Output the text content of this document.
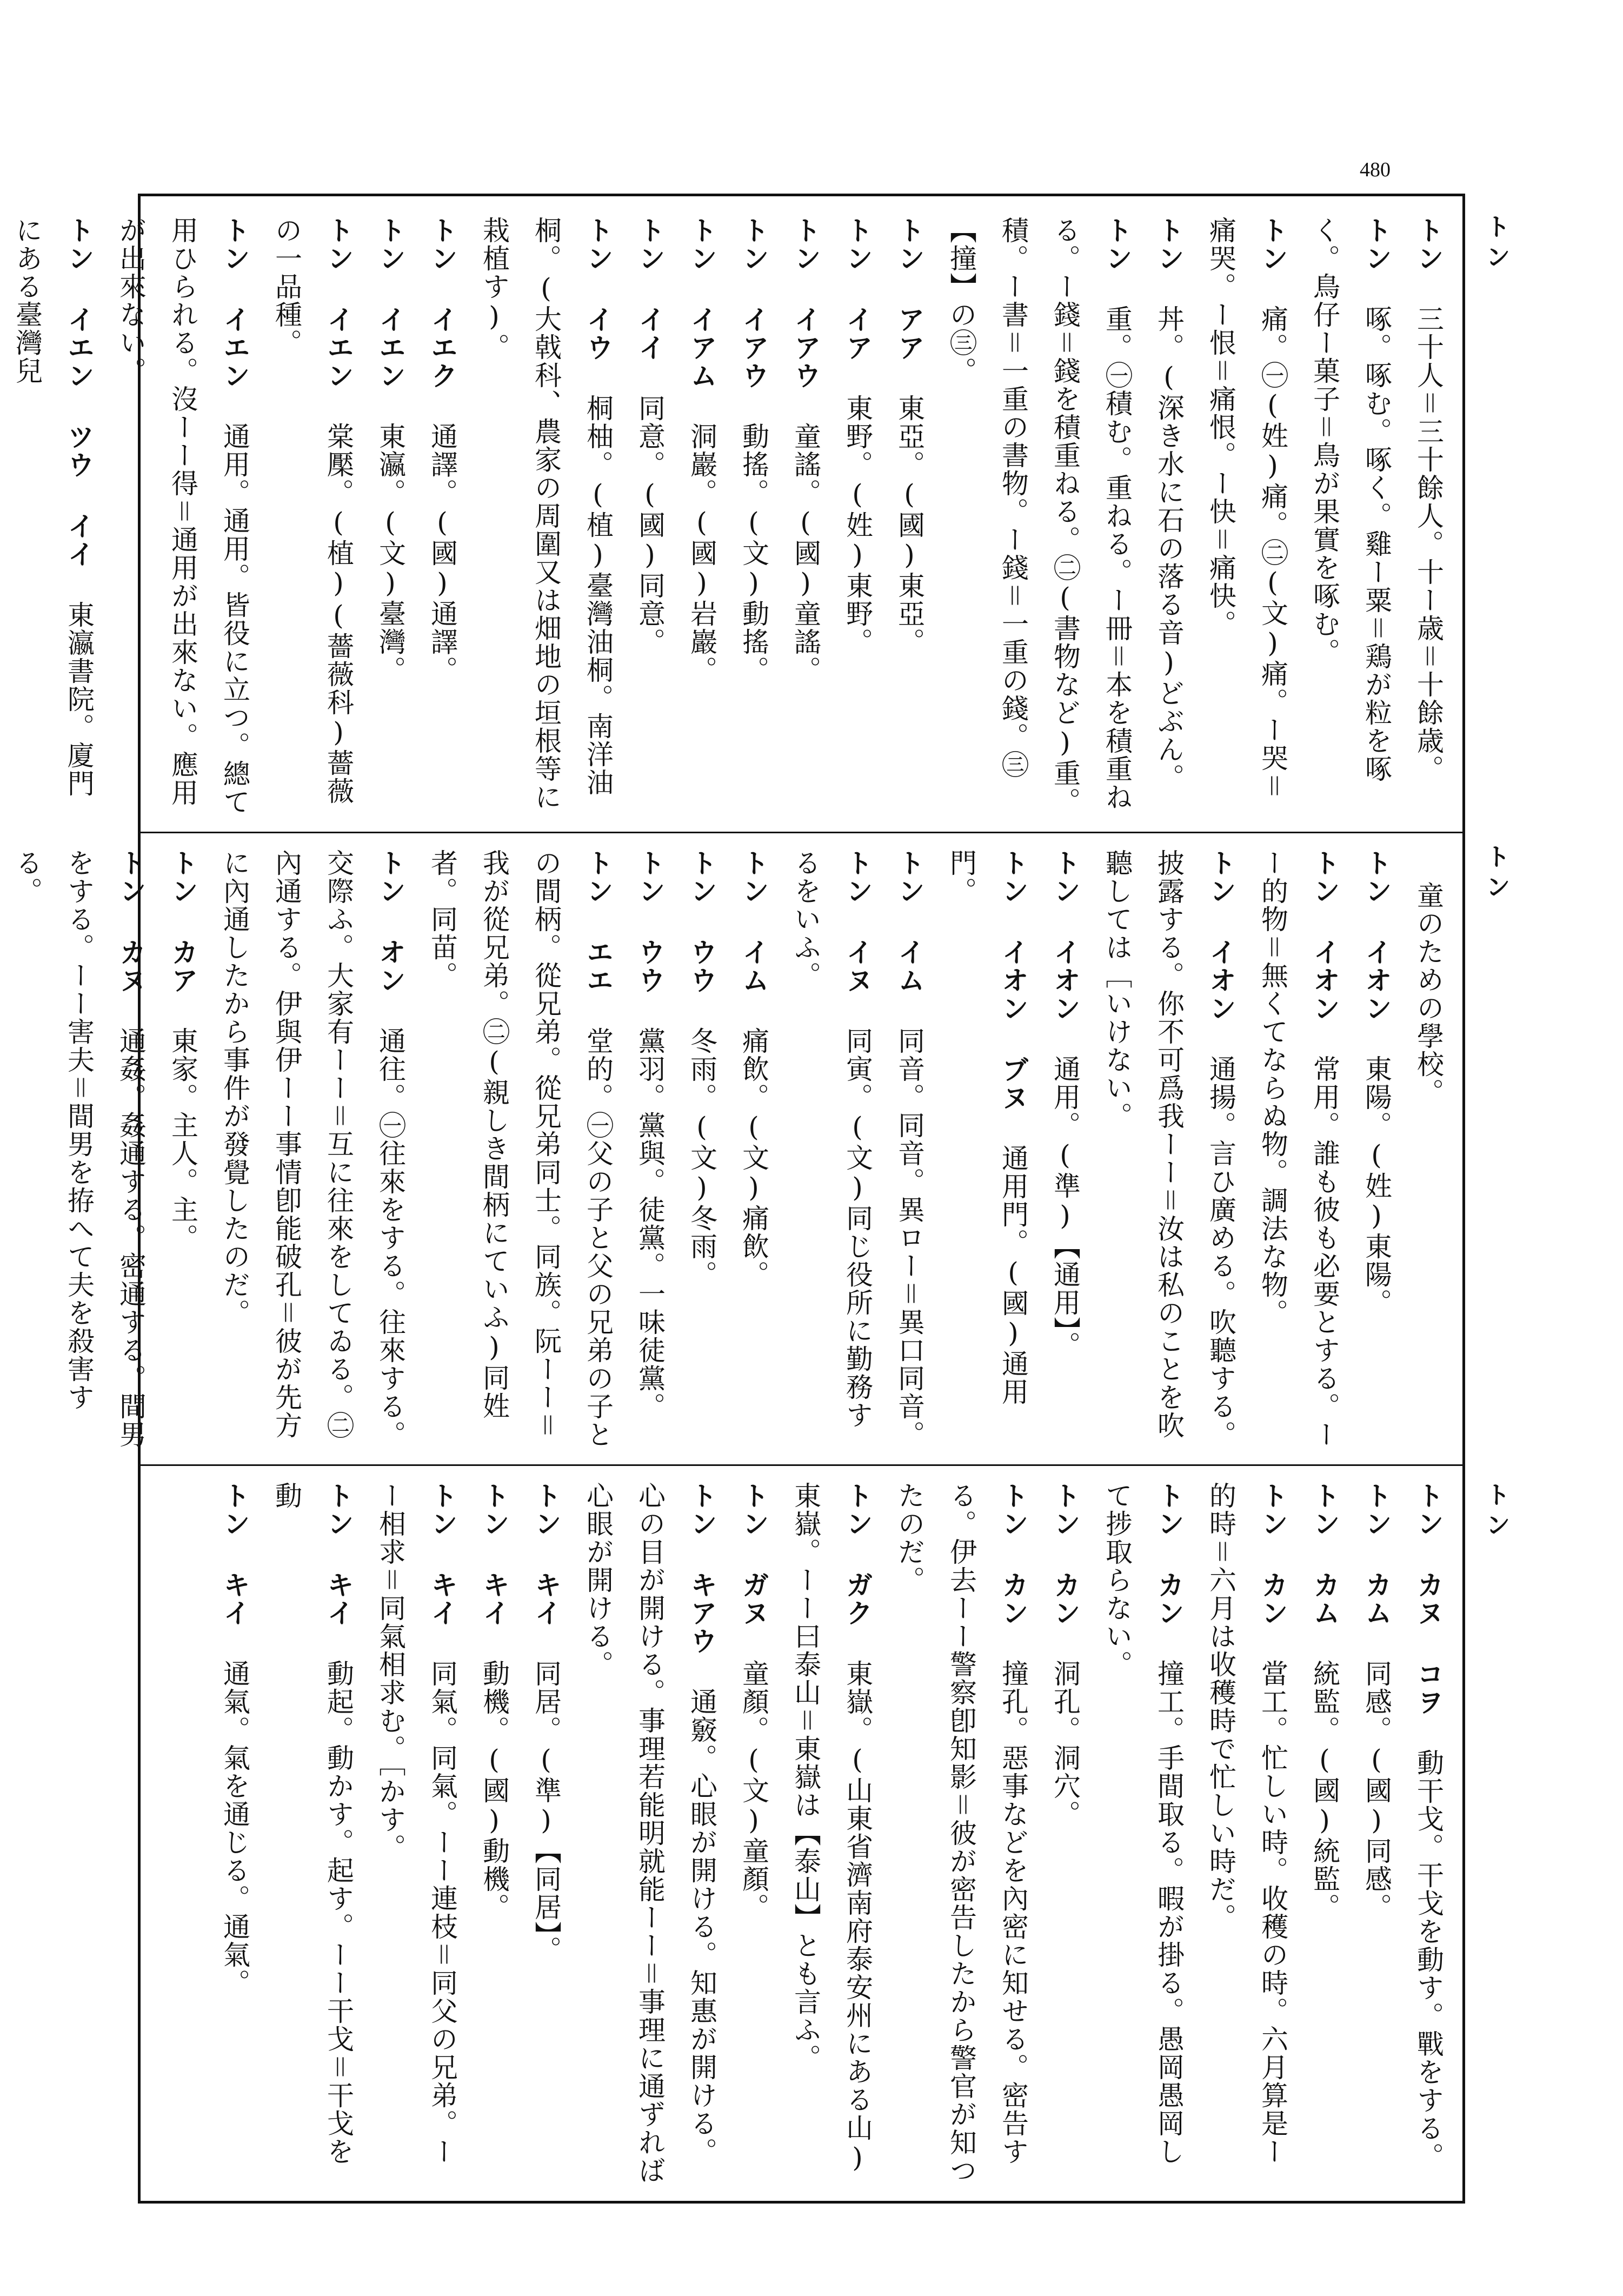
480
トン
トン
トン
トン 三十人＝三十餘人。十ー歳＝十餘歳。
トン 啄。啄む。啄く。雞ー粟＝鶏が粒を啄く。鳥仔ー菓子＝鳥が果實を啄む。
トン 痛。㊀(姓)痛。㊁(文)痛。ー哭＝痛哭。ー恨＝痛恨。ー快＝痛快。
トン 丼。(深き水に石の落る音)どぶん。
トン 重。㊀積む。重ねる。ー冊＝本を積重ねる。ー錢＝錢を積重ねる。㊁(書物など)重。積。ー書＝一重の書物。ー錢＝一重の錢。㊂【撞】の㊂。
トン アア 東亞。(國)東亞。
トン イア 東野。(姓)東野。
トン イアウ 童謠。(國)童謠。
トン イアウ 動搖。(文)動搖。
トン イアム 洞巖。(國)岩巖。
トン イイ 同意。(國)同意。
トン イウ 桐柚。(植)臺灣油桐。南洋油桐。(大戟科、農家の周圍又は畑地の垣根等に栽植す)。
トン イエク 通譯。(國)通譯。
トン イエン 東瀛。(文)臺灣。
トン イエン 棠檿。(植)(薔薇科)薔薇の一品種。
トン イエン 通用。通用。皆役に立つ。總て用ひられる。沒ーー得＝通用が出來ない。應用が出來ない。
トン イエン ツウ イイ 東瀛書院。廈門にある臺灣兒
童のための學校。
トン イオン 東陽。(姓)東陽。
トン イオン 常用。誰も彼も必要とする。ーー的物＝無くてならぬ物。調法な物。
トン イオン 通揚。言ひ廣める。吹聽する。披露する。你不可爲我ーー＝汝は私のことを吹聽しては［いけない。
トン イオン 通用。(準)【通用】。
トン イオン ブヌ 通用門。(國)通用門。
トン イム 同音。同音。異ロー＝異口同音。
トン イヌ 同寅。(文)同じ役所に勤務するをいふ。
トン イム 痛飲。(文)痛飲。
トン ウウ 冬雨。(文)冬雨。
トン ウウ 黨羽。黨與。徒黨。一味徒黨。
トン エエ 堂的。㊀父の子と父の兄弟の子との間柄。從兄弟。從兄弟同士。同族。阮ーー＝我が從兄弟。㊁(親しき間柄にていふ)同姓者。同苗。
トン オン 通往。㊀往來をする。往來する。交際ふ。大家有ーー＝互に往來をしてゐる。㊁內通する。伊與伊ーー事情卽能破孔＝彼が先方に內通したから事件が發覺したのだ。
トン カア 東家。主人。主。
トン カヌ 通姦。姦通する。密通する。間男をする。ーー害夫＝間男を拵へて夫を殺害する。
トン カヌ コヲ 動干戈。干戈を動す。戰をする。
トン カム 同感。(國)同感。
トン カム 統監。(國)統監。
トン カン 當工。忙しい時。收穫の時。六月算是ー的時＝六月は收穫時で忙しい時だ。
トン カン 撞工。手間取る。暇が掛る。愚岡愚岡して捗取らない。
トン カン 洞孔。洞穴。
トン カン 撞孔。惡事などを內密に知せる。密告する。伊去ーー警察卽知影＝彼が密告したから警官が知つたのだ。
トン ガク 東嶽。(山東省濟南府泰安州にある山)東嶽。ーー曰泰山＝東嶽は【泰山】とも言ふ。
トン ガヌ 童顏。(文)童顏。
トン キアウ 通竅。心眼が開ける。知惠が開ける。心の目が開ける。事理若能明就能ーー＝事理に通ずれば心眼が開ける。
トン キイ 同居。(準)【同居】。
トン キイ 動機。(國)動機。
トン キイ 同氣。同氣。ーー連枝＝同父の兄弟。ーー相求＝同氣相求む。［かす。
トン キイ 動起。動かす。起す。ーー干戈＝干戈を動
トン キイ 通氣。氣を通じる。通氣。
